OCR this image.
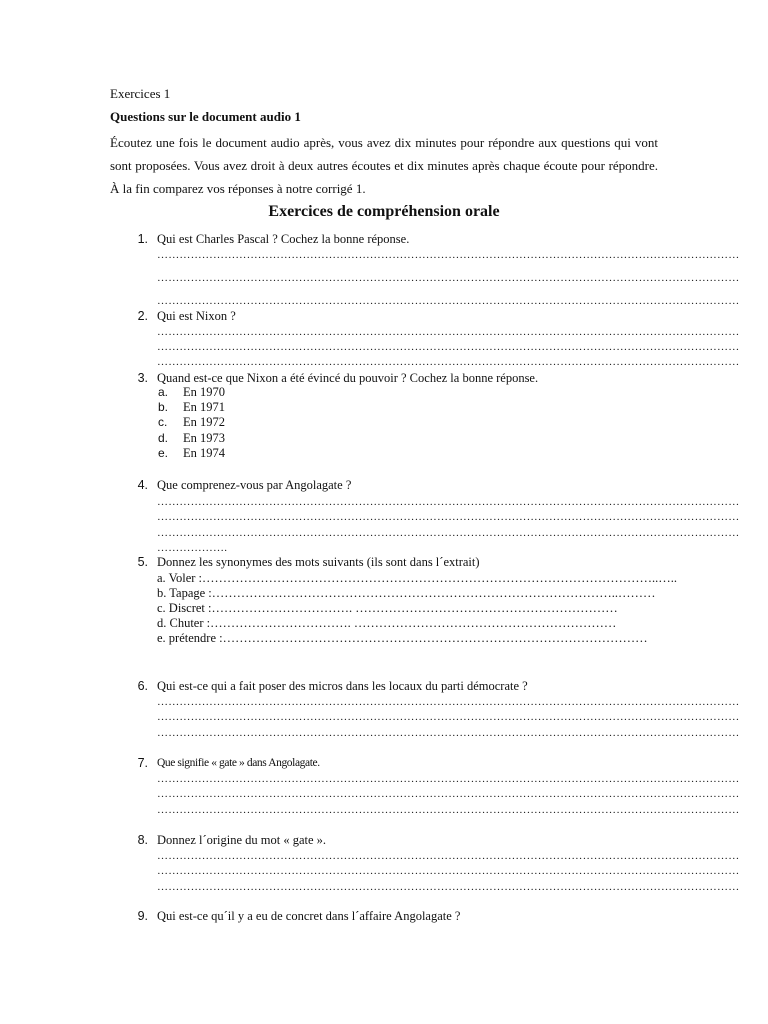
Exercices 1
Questions sur le document audio 1
Écoutez une fois le document audio après, vous avez dix minutes pour répondre aux questions qui vont sont proposées. Vous avez droit à deux autres écoutes et dix minutes après chaque écoute pour répondre. À la fin comparez vos réponses à notre corrigé 1.
Exercices de compréhension orale
1. Qui est Charles Pascal ? Cochez la bonne réponse.
…………………………………………………………………………………………………………………………………………
…………………………………………………………………………………………………………………………………………
…………………………………………………………………………………………………………………………………………
2. Qui est Nixon ?
…………………………………………………………………………………………………………………………………………
…………………………………………………………………………………………………………………………………………
…………………………………………………………………………………………………………………………………………
3. Quand est-ce que Nixon a été évincé du pouvoir ? Cochez la bonne réponse.
a.	En 1970
b.	En 1971
c.	En 1972
d.	En 1973
e.	En 1974
4. Que comprenez-vous par Angolagate ?
…………………………………………………………………………………………………………………………………………
…………………………………………………………………………………………………………………………………………
…………………………………………………………………………………………………………………………………………
……………….
5. Donnez les synonymes des mots suivants (ils sont dans l´extrait)
a. Voler :………………………………………………………………………………………………..…..
b. Tapage :……………………………………………………………………………………..………
c. Discret :……………………………. ………………………………………………………
d. Chuter :……………………………. ………………………………………………………
e. prétendre :…………………………………………………………………………………………
6. Qui est-ce qui a fait poser des micros dans les locaux du parti démocrate ?
…………………………………………………………………………………………………………………………………………
…………………………………………………………………………………………………………………………………………
…………………………………………………………………………………………………………………………………………
7. Que signifie « gate » dans Angolagate.
…………………………………………………………………………………………………………………………………………
…………………………………………………………………………………………………………………………………………
…………………………………………………………………………………………………………………………………………
8. Donnez l´origine du mot « gate ».
…………………………………………………………………………………………………………………………………………
…………………………………………………………………………………………………………………………………………
…………………………………………………………………………………………………………………………………………
9. Qui est-ce qu´il y a eu de concret dans l´affaire Angolagate ?
